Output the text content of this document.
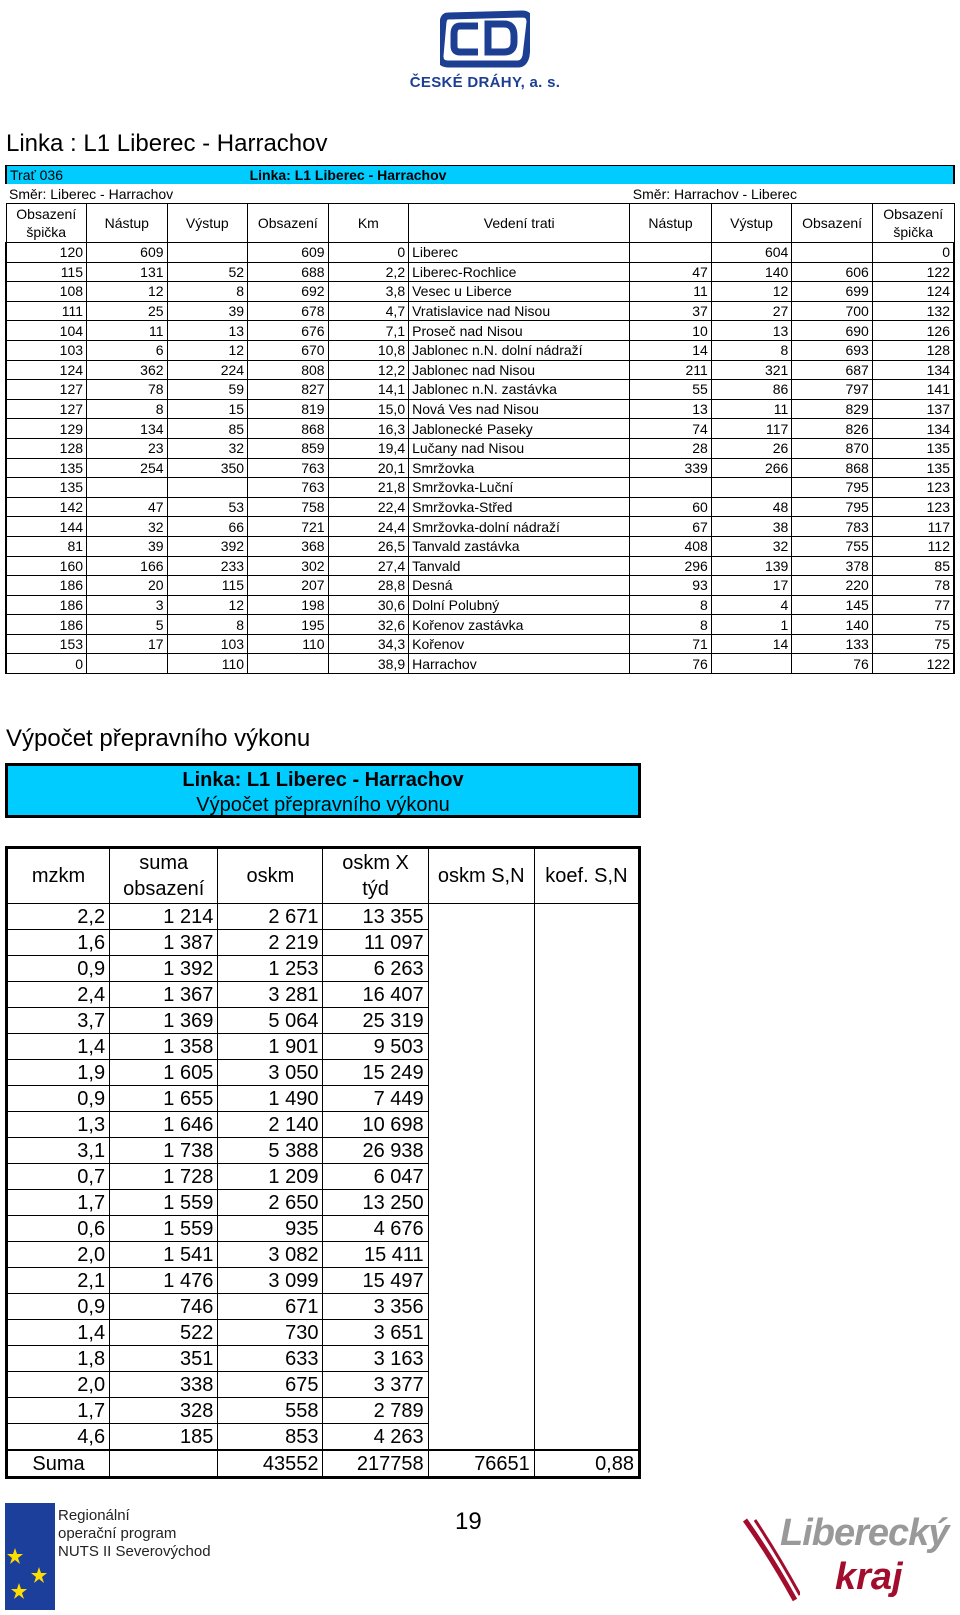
ČESKÉ DRÁHY, a. s.
Linka : L1 Liberec - Harrachov
Trať 036			Linka: L1 Liberec - Harrachov						
Směr: Liberec - Harrachov						Směr: Harrachov - Liberec			
Obsazení špička	Nástup	Výstup	Obsazení	Km	Vedení trati	Nástup	Výstup	Obsazení	Obsazení špička
120	609		609	0	Liberec		604		0
115	131	52	688	2,2	Liberec-Rochlice	47	140	606	122
108	12	8	692	3,8	Vesec u Liberce	11	12	699	124
111	25	39	678	4,7	Vratislavice nad Nisou	37	27	700	132
104	11	13	676	7,1	Proseč nad Nisou	10	13	690	126
103	6	12	670	10,8	Jablonec n.N. dolní nádraží	14	8	693	128
124	362	224	808	12,2	Jablonec nad Nisou	211	321	687	134
127	78	59	827	14,1	Jablonec n.N. zastávka	55	86	797	141
127	8	15	819	15,0	Nová Ves nad Nisou	13	11	829	137
129	134	85	868	16,3	Jablonecké Paseky	74	117	826	134
128	23	32	859	19,4	Lučany nad Nisou	28	26	870	135
135	254	350	763	20,1	Smržovka	339	266	868	135
135			763	21,8	Smržovka-Luční			795	123
142	47	53	758	22,4	Smržovka-Střed	60	48	795	123
144	32	66	721	24,4	Smržovka-dolní nádraží	67	38	783	117
81	39	392	368	26,5	Tanvald zastávka	408	32	755	112
160	166	233	302	27,4	Tanvald	296	139	378	85
186	20	115	207	28,8	Desná	93	17	220	78
186	3	12	198	30,6	Dolní Polubný	8	4	145	77
186	5	8	195	32,6	Kořenov zastávka	8	1	140	75
153	17	103	110	34,3	Kořenov	71	14	133	75
0		110		38,9	Harrachov	76		76	122
Výpočet přepravního výkonu
Linka: L1 Liberec - Harrachov
Výpočet přepravního výkonu
mzkm	suma obsazení	oskm	oskm X týd	oskm S,N	koef. S,N
2,2	1 214	2 671	13 355		
1,6	1 387	2 219	11 097		
0,9	1 392	1 253	6 263		
2,4	1 367	3 281	16 407		
3,7	1 369	5 064	25 319		
1,4	1 358	1 901	9 503		
1,9	1 605	3 050	15 249		
0,9	1 655	1 490	7 449		
1,3	1 646	2 140	10 698		
3,1	1 738	5 388	26 938		
0,7	1 728	1 209	6 047		
1,7	1 559	2 650	13 250		
0,6	1 559	935	4 676		
2,0	1 541	3 082	15 411		
2,1	1 476	3 099	15 497		
0,9	746	671	3 356		
1,4	522	730	3 651		
1,8	351	633	3 163		
2,0	338	675	3 377		
1,7	328	558	2 789		
4,6	185	853	4 263		
Suma		43552	217758	76651	0,88
Regionální
operační program
NUTS II Severovýchod
19	Liberecký
kraj
